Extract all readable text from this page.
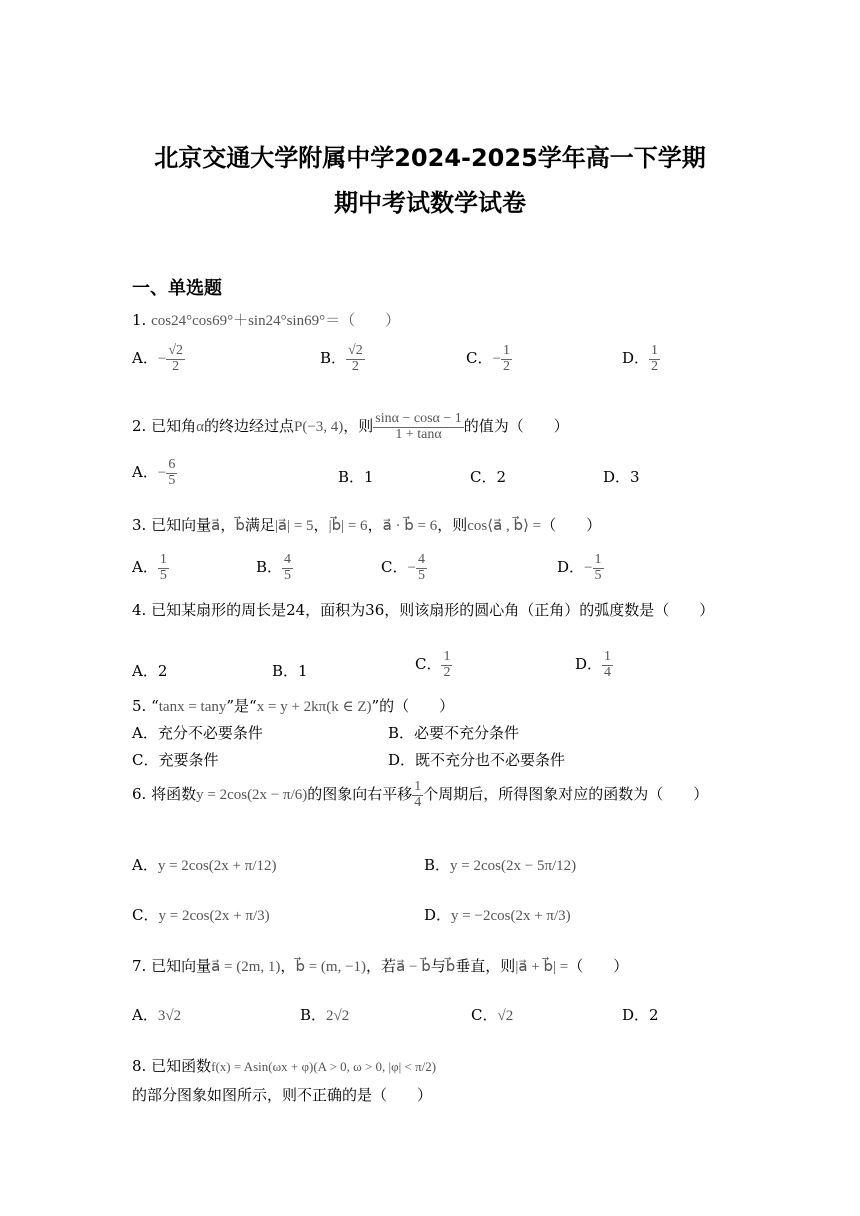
北京交通大学附属中学2024-2025学年高一下学期
期中考试数学试卷
一、单选题
1. cos24°cos69°＋sin24°sin69°＝（　　）
A．− $\frac{√2}{2}$	B． $\frac{√2}{2}$	C．− $\frac{1}{2}$	D． $\frac{1}{2}$
2. 已知角α的终边经过点P(−3, 4)，则 $\frac{\sin\alpha - \cos\alpha - 1}{1 + \tan\alpha}$ 的值为（　　）
A．− $\frac{6}{5}$	B．1	C．2	D．3
3. 已知向量a⃗，b⃗满足|a⃗| = 5，|b⃗| = 6，a⃗ · b⃗ = 6，则cos⟨a⃗ , b⃗⟩ =（　　）
A． $\frac{1}{5}$	B． $\frac{4}{5}$	C．− $\frac{4}{5}$	D．− $\frac{1}{5}$
4. 已知某扇形的周长是24，面积为36，则该扇形的圆心角（正角）的弧度数是（　　）
A．2	B．1	C． $\frac{1}{2}$	D． $\frac{1}{4}$
5. “tanx = tany”是“x = y + 2kπ(k ∈ Z)”的（　　）
A．充分不必要条件	B．必要不充分条件
C．充要条件	D．既不充分也不必要条件
6. 将函数y = 2cos(2x − π/6)的图象向右平移 $\frac{1}{4}$ 个周期后，所得图象对应的函数为（　　）
A．y = 2cos(2x + π/12)	B．y = 2cos(2x − 5π/12)
C．y = 2cos(2x + π/3)	D．y = −2cos(2x + π/3)
7. 已知向量a⃗ = (2m, 1)，b⃗ = (m, −1)，若a⃗ − b⃗与b⃗垂直，则|a⃗ + b⃗| =（　　）
A．3√2	B．2√2	C．√2	D．2
8. 已知函数f(x) = Asin(ωx + φ)(A > 0, ω > 0, |φ| < π/2)的部分图象如图所示，则不正确的是（　　）
